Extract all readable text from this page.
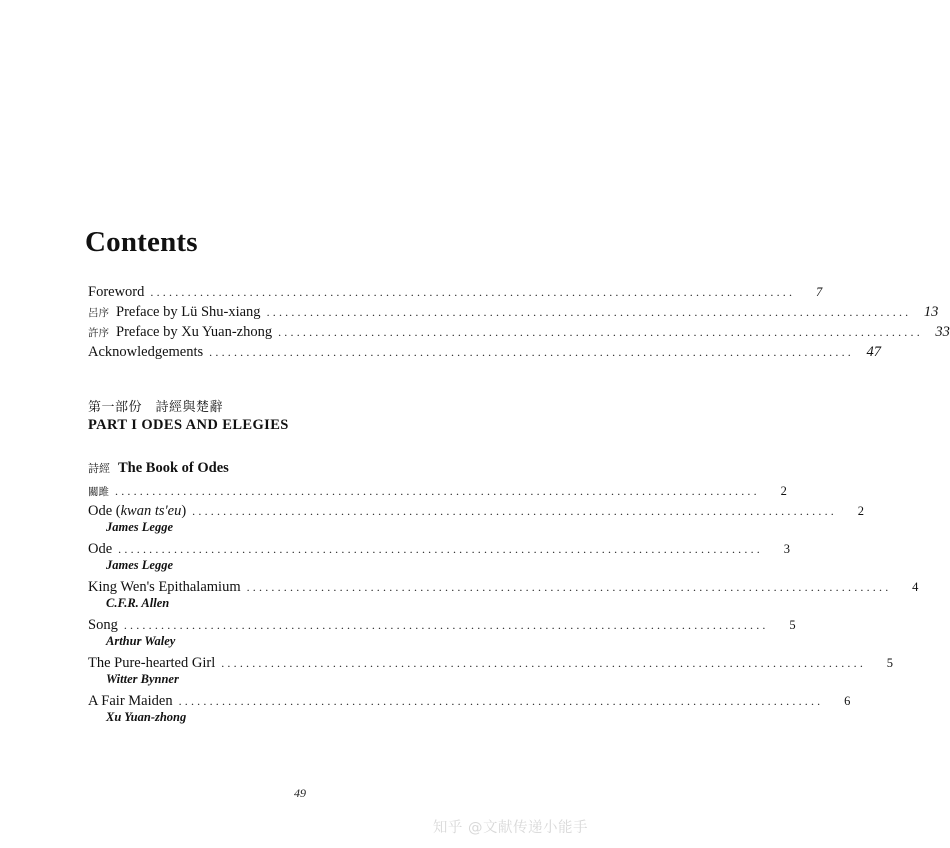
Contents
Foreword ........................................................................................................	7
呂序 Preface by Lü Shu-xiang ........................................................................................................ 13
許序 Preface by Xu Yuan-zhong ........................................................................................................ 33
Acknowledgements ........................................................................................................ 47
第一部份　詩經與楚辭
PART I ODES AND ELEGIES
詩經 The Book of Odes
關雎 ........................................................................................................	2
Ode (kwan ts'eu) ........................................................................................................	2
James Legge
Ode ........................................................................................................	3
James Legge
King Wen's Epithalamium ........................................................................................................	4
C.F.R. Allen
Song ........................................................................................................	5
Arthur Waley
The Pure-hearted Girl ........................................................................................................	5
Witter Bynner
A Fair Maiden ........................................................................................................	6
Xu Yuan-zhong
49
知乎 @文献传递小能手
